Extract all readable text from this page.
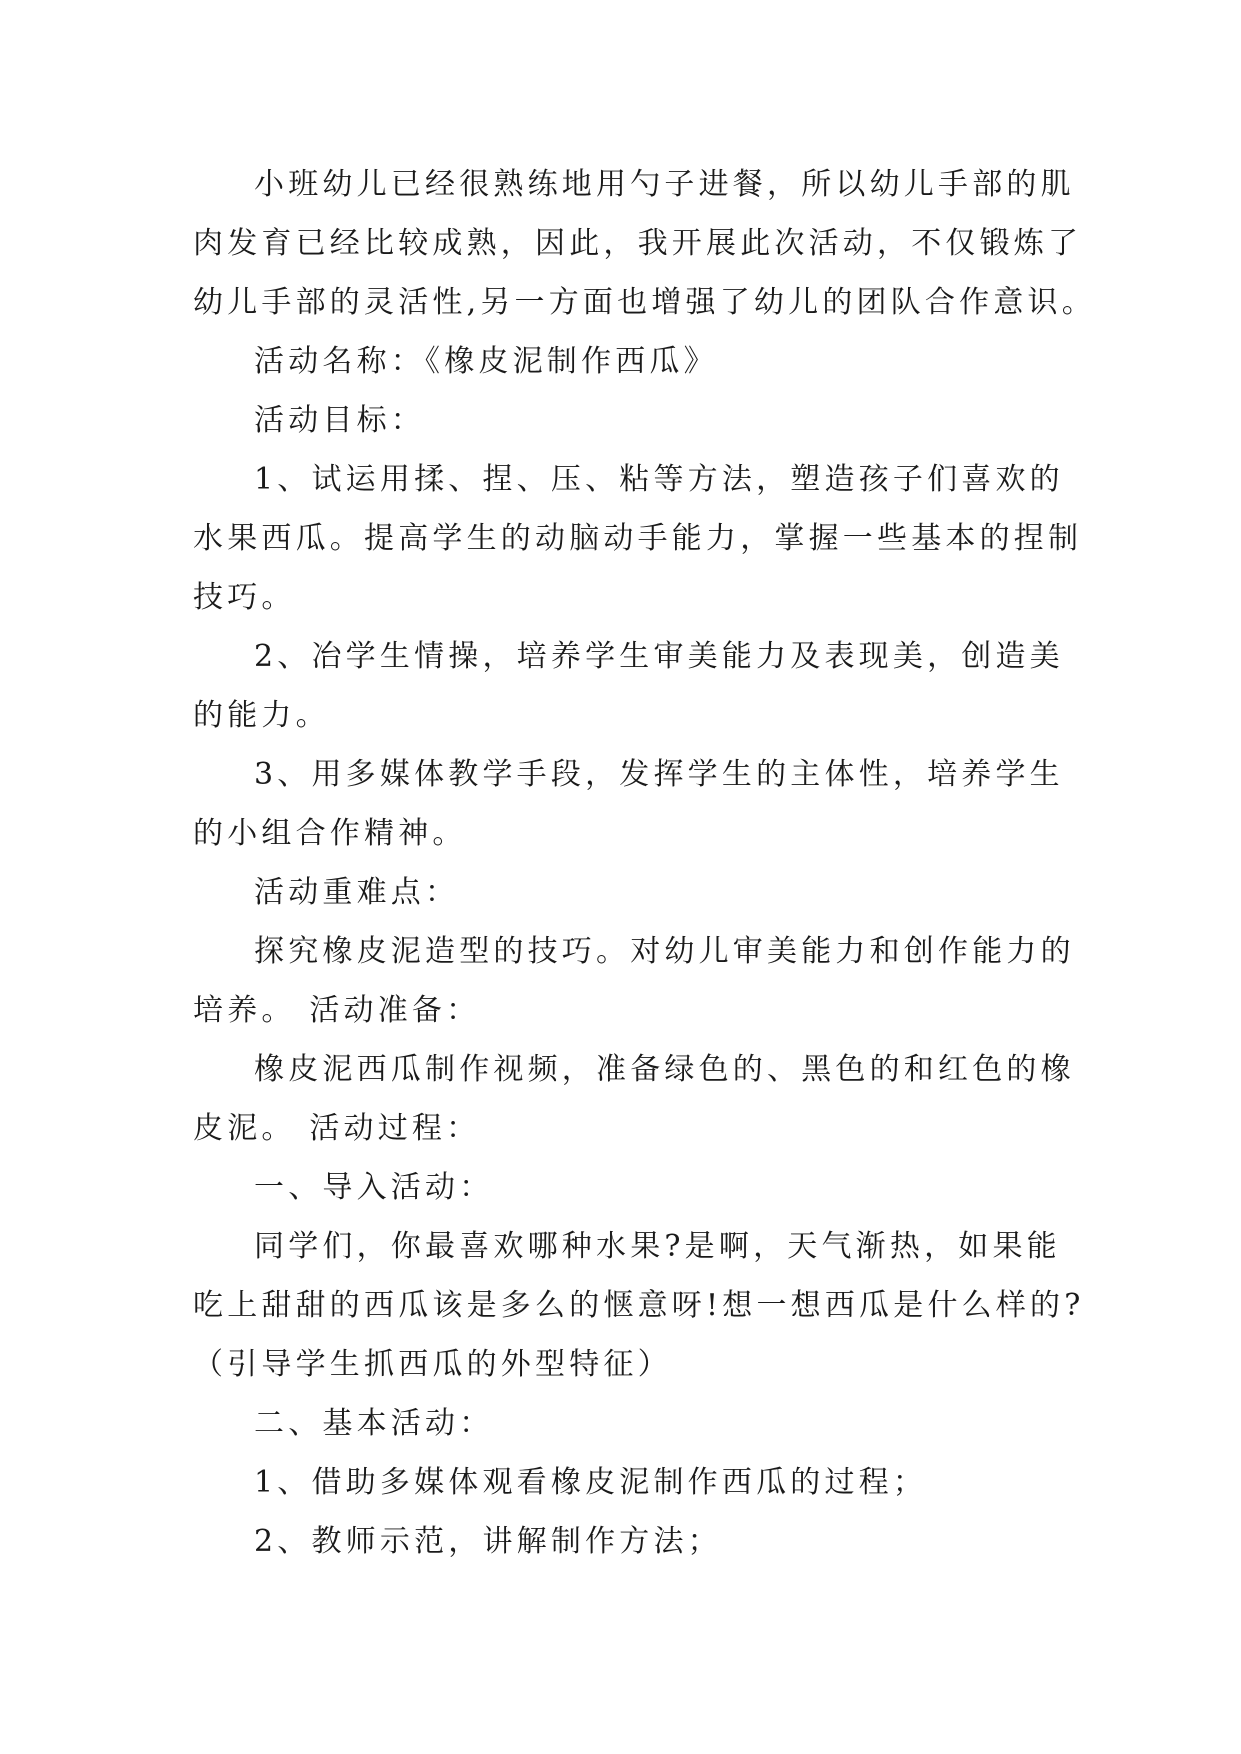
小班幼儿已经很熟练地用勺子进餐，所以幼儿手部的肌

肉发育已经比较成熟，因此，我开展此次活动，不仅锻炼了

幼儿手部的灵活性,另一方面也增强了幼儿的团队合作意识。

活动名称：《橡皮泥制作西瓜》

活动目标：

1、试运用揉、捏、压、粘等方法，塑造孩子们喜欢的

水果西瓜。提高学生的动脑动手能力，掌握一些基本的捏制

技巧。

2、冶学生情操，培养学生审美能力及表现美，创造美

的能力。

3、用多媒体教学手段，发挥学生的主体性，培养学生

的小组合作精神。

活动重难点：

探究橡皮泥造型的技巧。对幼儿审美能力和创作能力的

培养。 活动准备：

橡皮泥西瓜制作视频，准备绿色的、黑色的和红色的橡

皮泥。 活动过程：

一、导入活动：

同学们，你最喜欢哪种水果?是啊，天气渐热，如果能

吃上甜甜的西瓜该是多么的惬意呀!想一想西瓜是什么样的?

（引导学生抓西瓜的外型特征）

二、基本活动：

1、借助多媒体观看橡皮泥制作西瓜的过程；

2、教师示范，讲解制作方法；
